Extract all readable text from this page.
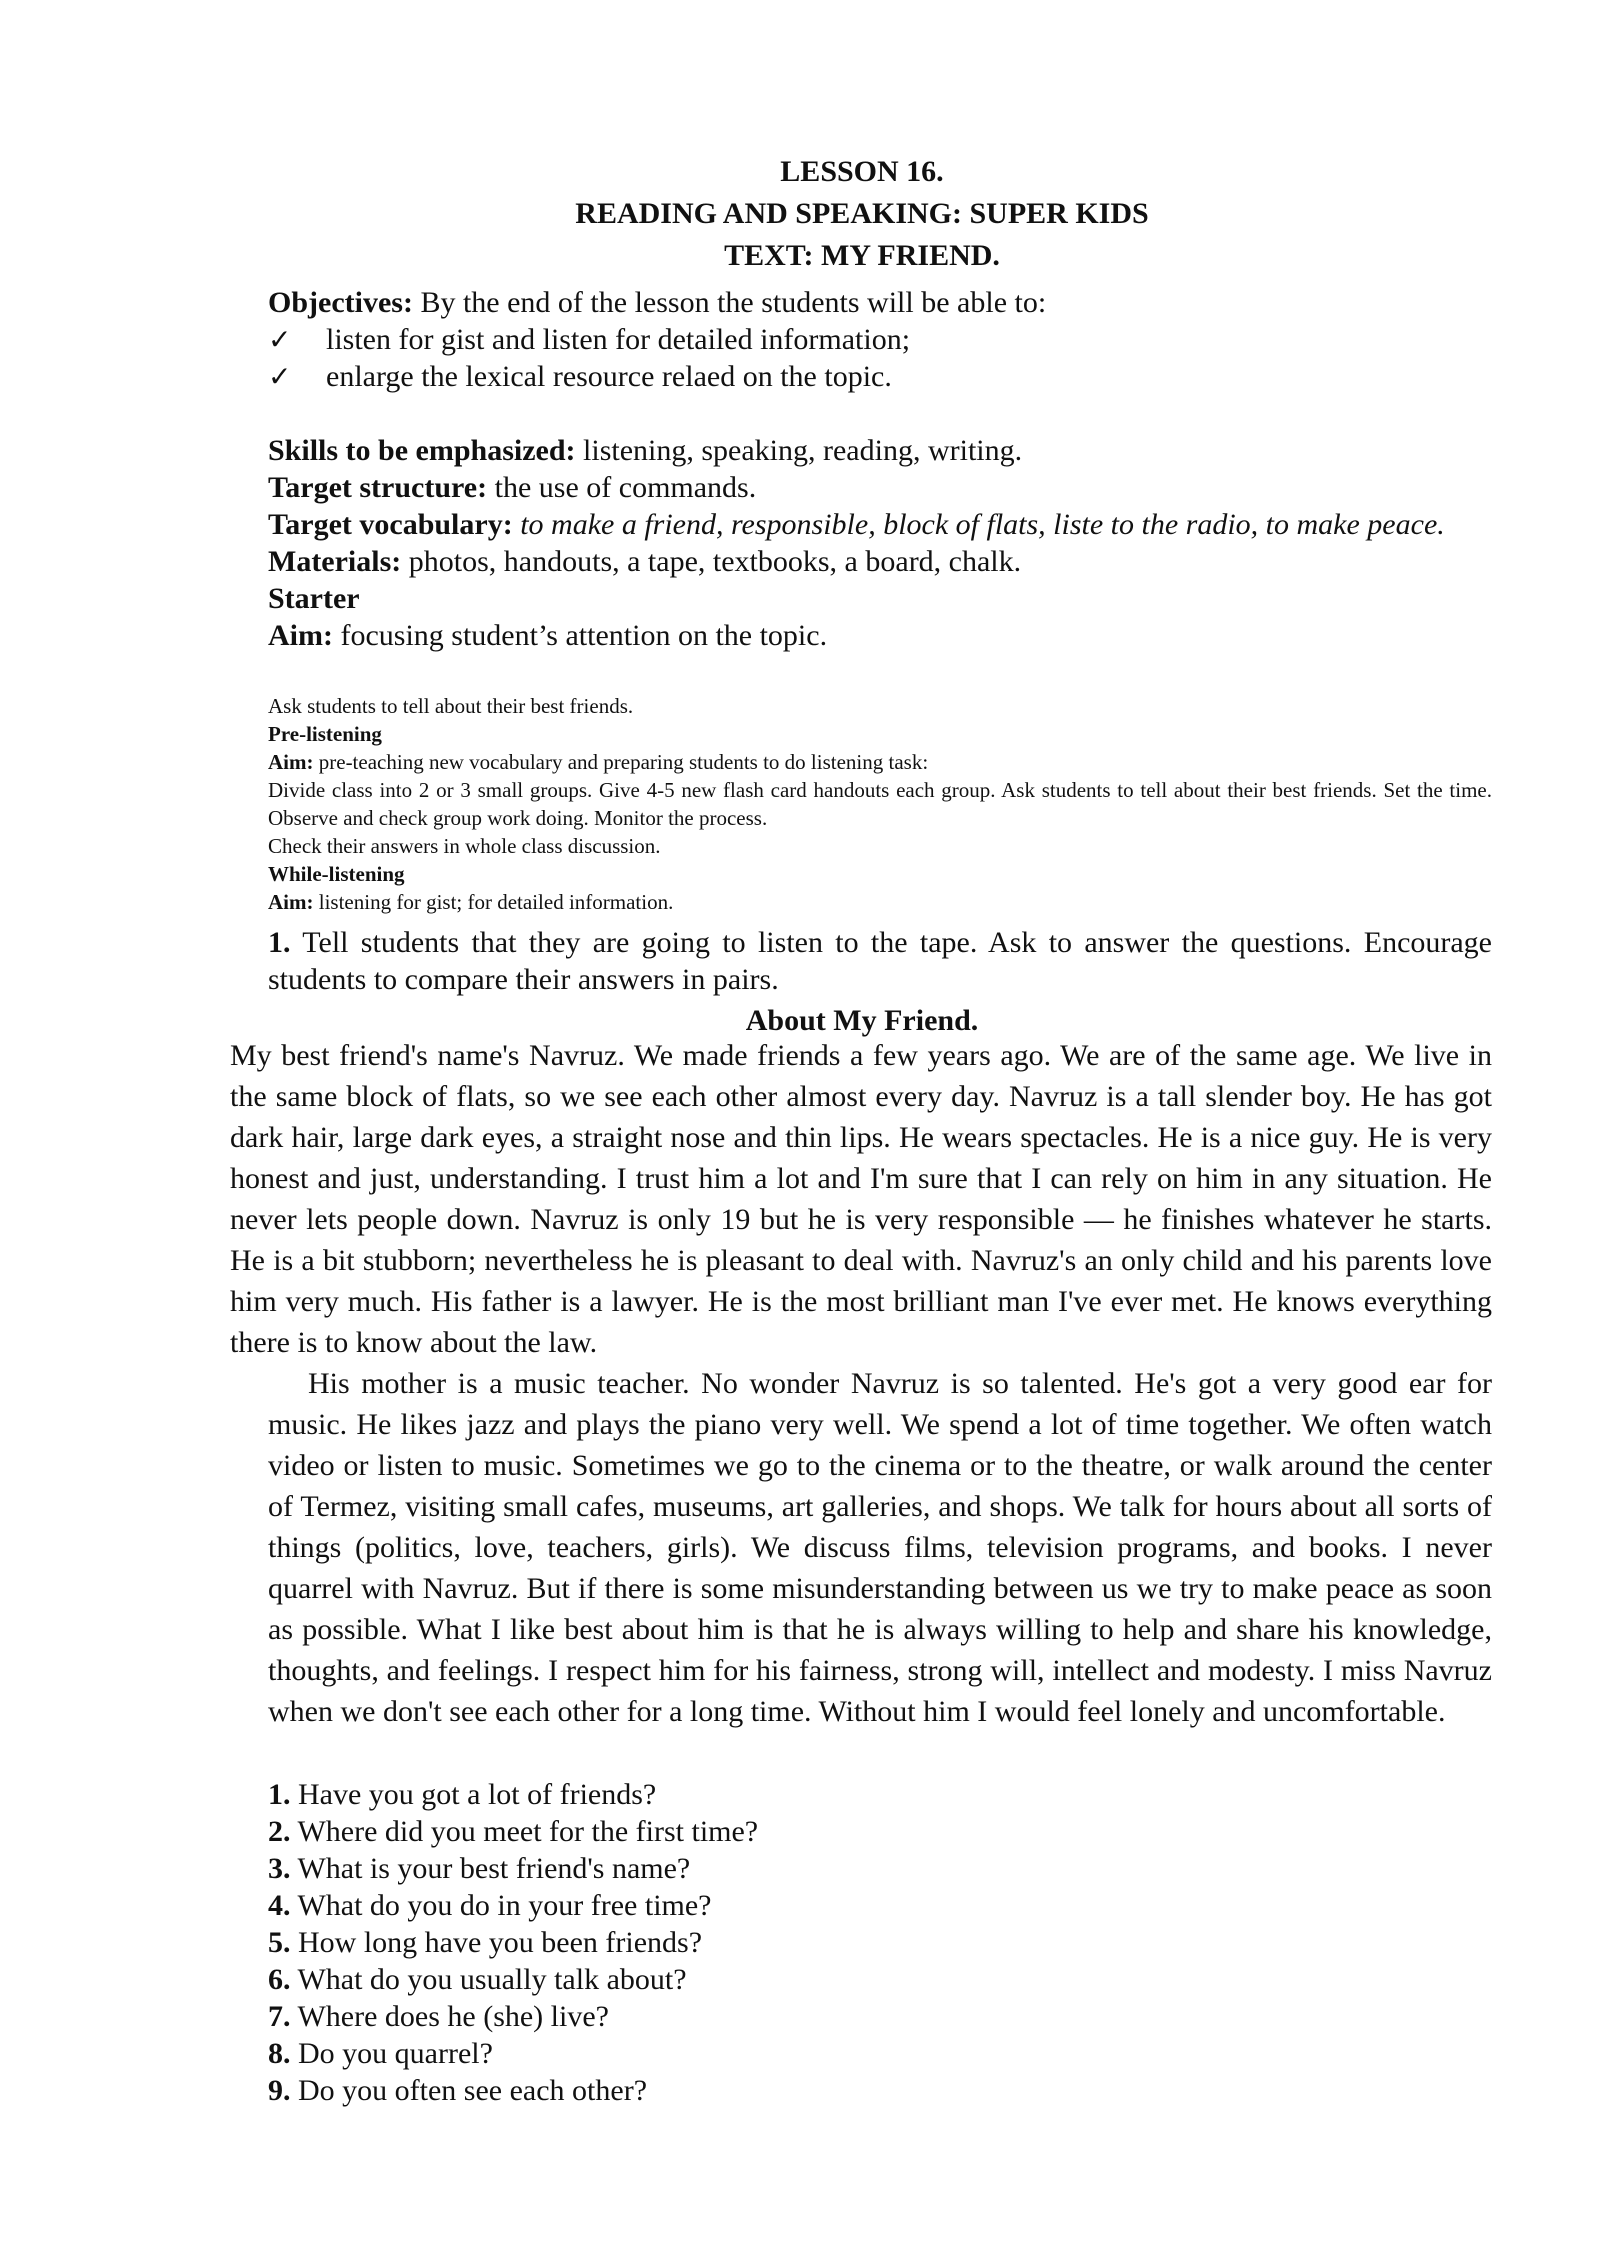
LESSON 16.
READING AND SPEAKING: SUPER KIDS
TEXT: MY FRIEND.
Objectives: By the end of the lesson the students will be able to:
✓	listen for gist and listen for detailed information;
✓	enlarge the lexical resource relaed on the topic.
Skills to be emphasized: listening, speaking, reading, writing.
Target structure: the use of commands.
Target vocabulary: to make a friend, responsible, block of flats, liste to the radio, to make peace.
Materials: photos, handouts, a tape, textbooks, a board, chalk.
Starter
Aim: focusing student’s attention on the topic.
Ask students to tell about their best friends.
Pre-listening
Aim: pre-teaching new vocabulary and preparing students to do listening task:
Divide class into 2 or 3 small groups. Give 4-5 new flash card handouts each group. Ask students to tell about their best friends. Set the time. Observe and check group work doing. Monitor the process.
Check their answers in whole class discussion.
While-listening
Aim: listening for gist; for detailed information.
1. Tell students that they are going to listen to the tape. Ask to answer the questions. Encourage students to compare their answers in pairs.
About My Friend.

My best friend's name's Navruz. We made friends a few years ago. We are of the same age. We live in the same block of flats, so we see each other almost every day. Navruz is a tall slender boy. He has got dark hair, large dark eyes, a straight nose and thin lips. He wears spectacles. He is a nice guy. He is very honest and just, understanding. I trust him a lot and I'm sure that I can rely on him in any situation. He never lets people down. Navruz is only 19 but he is very responsible — he finishes whatever he starts. He is a bit stubborn; nevertheless he is pleasant to deal with. Navruz's an only child and his parents love him very much. His father is a lawyer. He is the most brilliant man I've ever met. He knows everything there is to know about the law.

His mother is a music teacher. No wonder Navruz is so talented. He's got a very good ear for music. He likes jazz and plays the piano very well. We spend a lot of time together. We often watch video or listen to music. Sometimes we go to the cinema or to the theatre, or walk around the center of Termez, visiting small cafes, museums, art galleries, and shops. We talk for hours about all sorts of things (politics, love, teachers, girls). We discuss films, television programs, and books. I never quarrel with Navruz. But if there is some misunderstanding between us we try to make peace as soon as possible. What I like best about him is that he is always willing to help and share his knowledge, thoughts, and feelings. I respect him for his fairness, strong will, intellect and modesty. I miss Navruz when we don't see each other for a long time. Without him I would feel lonely and uncomfortable.

1. Have you got a lot of friends?
2. Where did you meet for the first time?
3. What is your best friend's name?
4. What do you do in your free time?
5. How long have you been friends?
6. What do you usually talk about?
7. Where does he (she) live?
8. Do you quarrel?
9. Do you often see each other?
